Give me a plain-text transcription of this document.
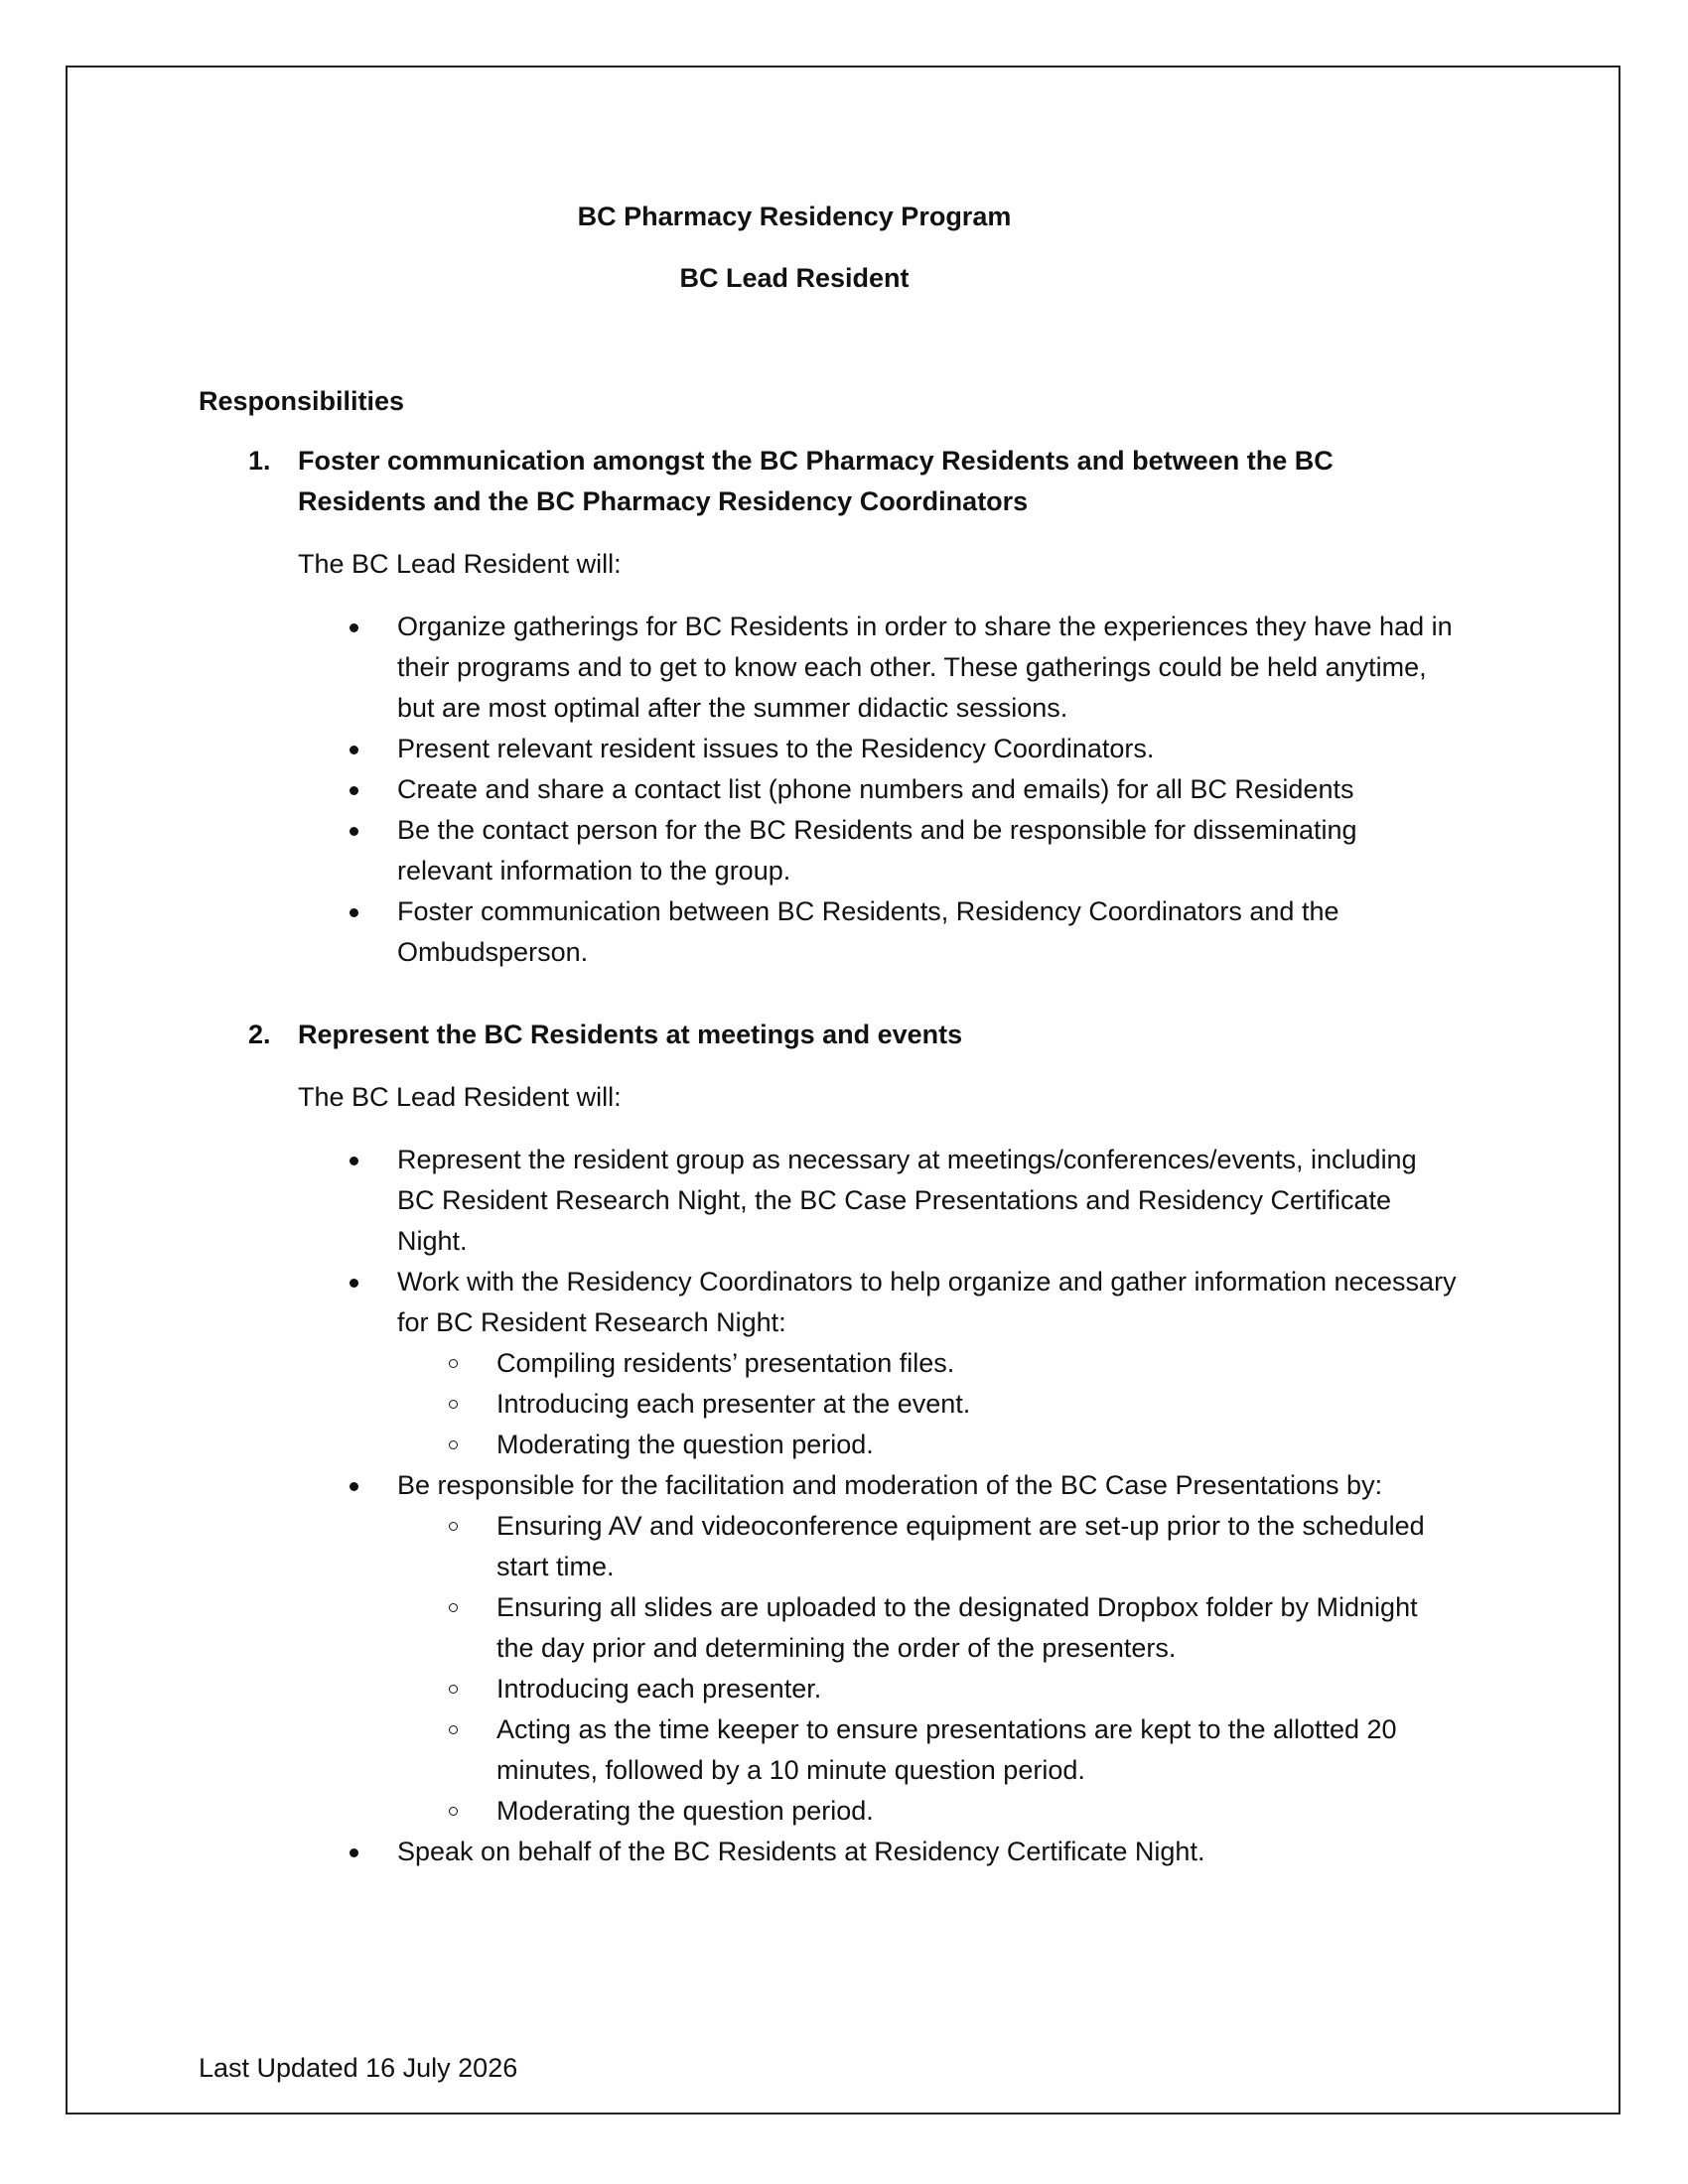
BC Pharmacy Residency Program

BC Lead Resident

Responsibilities

1. Foster communication amongst the BC Pharmacy Residents and between the BC Residents and the BC Pharmacy Residency Coordinators

The BC Lead Resident will:

Organize gatherings for BC Residents in order to share the experiences they have had in their programs and to get to know each other. These gatherings could be held anytime, but are most optimal after the summer didactic sessions.
Present relevant resident issues to the Residency Coordinators.
Create and share a contact list (phone numbers and emails) for all BC Residents
Be the contact person for the BC Residents and be responsible for disseminating relevant information to the group.
Foster communication between BC Residents, Residency Coordinators and the Ombudsperson.
2. Represent the BC Residents at meetings and events

The BC Lead Resident will:

Represent the resident group as necessary at meetings/conferences/events, including BC Resident Research Night, the BC Case Presentations and Residency Certificate Night.
Work with the Residency Coordinators to help organize and gather information necessary for BC Resident Research Night:
Compiling residents’ presentation files.
Introducing each presenter at the event.
Moderating the question period.
Be responsible for the facilitation and moderation of the BC Case Presentations by:
Ensuring AV and videoconference equipment are set-up prior to the scheduled start time.
Ensuring all slides are uploaded to the designated Dropbox folder by Midnight the day prior and determining the order of the presenters.
Introducing each presenter.
Acting as the time keeper to ensure presentations are kept to the allotted 20 minutes, followed by a 10 minute question period.
Moderating the question period.
Speak on behalf of the BC Residents at Residency Certificate Night.

Last Updated 16 July 2026
